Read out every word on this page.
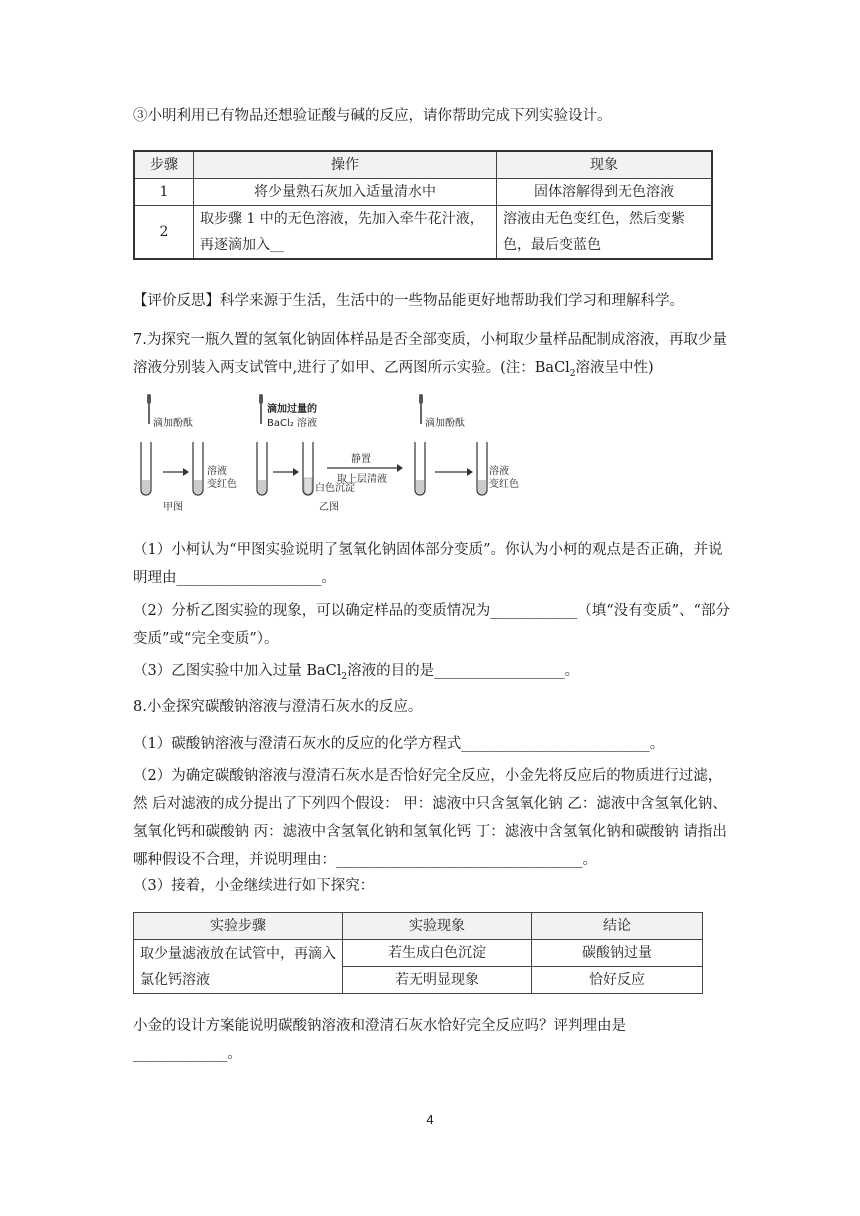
③小明利用已有物品还想验证酸与碱的反应，请你帮助完成下列实验设计。

步骤	操作	现象
1	将少量熟石灰加入适量清水中	固体溶解得到无色溶液
2	取步骤 1 中的无色溶液，先加入牵牛花汁液，再逐滴加入__	溶液由无色变红色，然后变紫色，最后变蓝色

【评价反思】科学来源于生活，生活中的一些物品能更好地帮助我们学习和理解科学。

7.为探究一瓶久置的氢氧化钠固体样品是否全部变质，小柯取少量样品配制成溶液，再取少量溶液分别装入两支试管中,进行了如甲、乙两图所示实验。(注：BaCl$_2$溶液呈中性)

滴加酚酞
溶液
变红色
甲图
滴加过量的
BaCl₂ 溶液
白色沉淀
静置
取上层清液
乙图
滴加酚酞
溶液
变红色

（1）小柯认为“甲图实验说明了氢氧化钠固体部分变质”。你认为小柯的观点是否正确，并说明理由____________________。

（2）分析乙图实验的现象，可以确定样品的变质情况为____________（填“没有变质”、“部分变质”或“完全变质”）。

（3）乙图实验中加入过量 BaCl$_2$溶液的目的是__________________。

8.小金探究碳酸钠溶液与澄清石灰水的反应。

（1）碳酸钠溶液与澄清石灰水的反应的化学方程式__________________________。

（2）为确定碳酸钠溶液与澄清石灰水是否恰好完全反应，小金先将反应后的物质进行过滤，然 后对滤液的成分提出了下列四个假设： 甲：滤液中只含氢氧化钠 乙：滤液中含氢氧化钠、氢氧化钙和碳酸钠 丙：滤液中含氢氧化钠和氢氧化钙 丁：滤液中含氢氧化钠和碳酸钠 请指出哪种假设不合理，并说明理由：__________________________________。

（3）接着，小金继续进行如下探究：

实验步骤	实验现象	结论
取少量滤液放在试管中，再滴入氯化钙溶液	若生成白色沉淀	碳酸钠过量
	若无明显现象	恰好反应

小金的设计方案能说明碳酸钠溶液和澄清石灰水恰好完全反应吗？评判理由是_____________。

4
